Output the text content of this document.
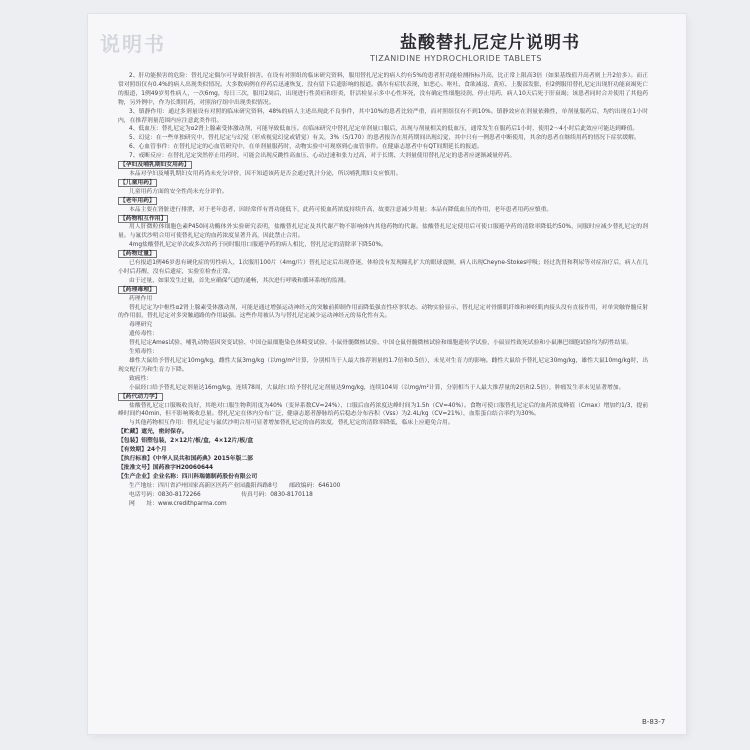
说明书	盐酸替扎尼定片说明书
TIZANIDINE HYDROCHLORIDE TABLETS

2、肝功能损害的危险：替扎尼定偶尔可导致肝损害。在设有对照组的临床研究资料，服用替扎尼定的病人约有5%的患者肝功能检测指标升高，比正常上限高3倍（如果基线值升高者则上升2倍多）。而正常对照组仅有0.4%的病人出现类似情况。大多数病例在停药后迅速恢复，没有留下后遗影响的报道。偶尔有症状表现，如恶心、呕吐、食欲减退、黄疸、上腹部发胀，但2例服用替扎尼定出现肝功能衰竭死亡的报道，1例49岁男性病人，一次6mg，每日三次，服用2周后，出现进行性黄疸和肝炎，肝活检显示多中心性坏死，没有确定性细胞浸润，停止用药，病人10天后死于肝衰竭；该患者同时合并使用了其他药物，另外例中，作为长期用药，对照治疗组中出现类似情况。

3、镇静作用：通过多剂量设有对照的临床研究资料，48%的病人主述出现此不良事件，其中10%的患者比较严重，而对照组仅有不到10%。镇静效应在剂量依赖性，单剂量服药后，均约出现在1小时内，在推荐剂量范围内应注意此类作用。

4、低血压：替扎尼定为α2肾上腺素受体激动剂，可能导致低血压。在临床研究中替扎尼定单剂量口服后，出现与剂量相关的低血压，通常发生在服药后1小时，使用2～4小时后此效应可能达到峰值。

5、幻觉：在一些单独研究中，替扎尼定与幻觉（形成视觉幻觉或错觉）有关，3%（5/170）的患者报告在用药期间出现幻觉，其中只有一例患者中断使用，其余的患者在继续用药的情况下症状缓解。

6、心血管事件：在替扎尼定的心血管研究中，在单剂量服药时，动物实验中可观察到心血管事件。在健康志愿者中有QT间期延长的报道。

7、戒断反应：在替扎尼定突然停止用药时，可能会出现反跳性高血压、心动过速和张力过高，对于长期、大剂量使用替扎尼定的患者应逐渐减量停药。

【孕妇及哺乳期妇女用药】

本品对孕妇及哺乳期妇女用药尚未充分评价，因不知道该药是否会通过乳汁分泌，所以哺乳期妇女应慎用。

【儿童用药】

儿童用药方面的安全性尚未充分评价。

【老年用药】

本品主要在肾脏进行排泄，对于老年患者，因经常伴有肾功能低下，此药可使血药浓度持续升高，故要注意减少用量；本品有降低血压的作用，老年患者用药应慎重。

【药物相互作用】

用人肝微粒体细胞色素P450同功酶体外实验研究表明，盐酸替扎尼定及其代谢产物不影响体内其他药物的代谢。盐酸替扎尼定使用后可使口服避孕药的清除率降低约50%，同服时应减少替扎尼定的剂量。与氟伏沙明合用可使替扎尼定的血药浓度显著升高，因此禁止合用。

4mg盐酸替扎尼定单次或多次给药于同时服用口服避孕药的病人相比，替扎尼定的清除率下降50%。

【药物过量】

已有报道1例46岁患有硬化症的男性病人，1次服用100片（4mg/片）替扎尼定后出现昏迷，体检没有发现瞳孔扩大的眼球震颤，病人出现Cheyne-Stokes呼吸；经过洗胃和利尿等对症治疗后，病人在几小时后苏醒，没有后遗症，实验室检查正常。

由于过量，如果发生过量，首先应确保气道的通畅，其次进行呼吸和循环系统的监测。

【药理毒理】

药理作用

替扎尼定为中枢性α2肾上腺素受体激动剂，可能是通过增强运动神经元的突触前抑制作用而降低强直性痉挛状态。动物实验显示，替扎尼定对骨骼肌纤维和神经肌肉接头没有直接作用，对单突触脊髓反射的作用弱，替扎尼定对多突触通路的作用最强。这些作用被认为与替扎尼定减少运动神经元的易化性有关。

毒理研究

遗传毒性：

替扎尼定Ames试验、哺乳动物基因突变试验、中国仓鼠细胞染色体畸变试验、小鼠骨髓微核试验、中国仓鼠骨髓微核试验和细胞遗传学试验，小鼠显性致死试验和小鼠淋巴细胞试验均为阴性结果。

生殖毒性：

雄性大鼠给予替扎尼定10mg/kg，雌性大鼠3mg/kg（以mg/m²计算，分别相当于人最大推荐剂量的1.7倍和0.5倍），未见对生育力的影响。雌性大鼠给予替扎尼定30mg/kg，雄性大鼠10mg/kg时，出现交配行为和生育力下降。

致癌性：

小鼠经口给予替扎尼定剂量达16mg/kg，连续78周，大鼠经口给予替扎尼定剂量达9mg/kg，连续104周（以mg/m²计算，分别相当于人最大推荐量的2倍和2.5倍），肿瘤发生率未见显著增加。

【药代动力学】

盐酸替扎尼定口服吸收良好，其绝对口服生物利用度为40%（变异系数CV=24%），口服后血药浓度达峰时间为1.5h（CV=40%）。食物可使口服替扎尼定后的血药浓度峰值（Cmax）增加约1/3，提前峰时间约40min，但不影响吸收总量。替扎尼定在体内分布广泛，健康志愿者静脉给药后稳态分布容积（Vss）为2.4L/kg（CV=21%），血浆蛋白结合率约为30%。

与其他药物相互作用：替扎尼定与氟伏沙明合用可显著增加替扎尼定的血药浓度，替扎尼定的清除率降低，临床上应避免合用。

【贮藏】遮光，密封保存。

【包装】铝塑包装，2×12片/板/盒，4×12片/板/盒

【有效期】24个月

【执行标准】《中华人民共和国药典》2015年版二部

【批准文号】国药准字H20060644

【生产企业】企业名称：四川科瑞德制药股份有限公司

生产地址：四川省泸州国家高新区医药产业园鑫阳西路8号　　邮政编码：646100

电话号码：0830-8172266　　　　　　　传真号码：0830-8170118

网　　址：www.credithparma.com

B-83-7
